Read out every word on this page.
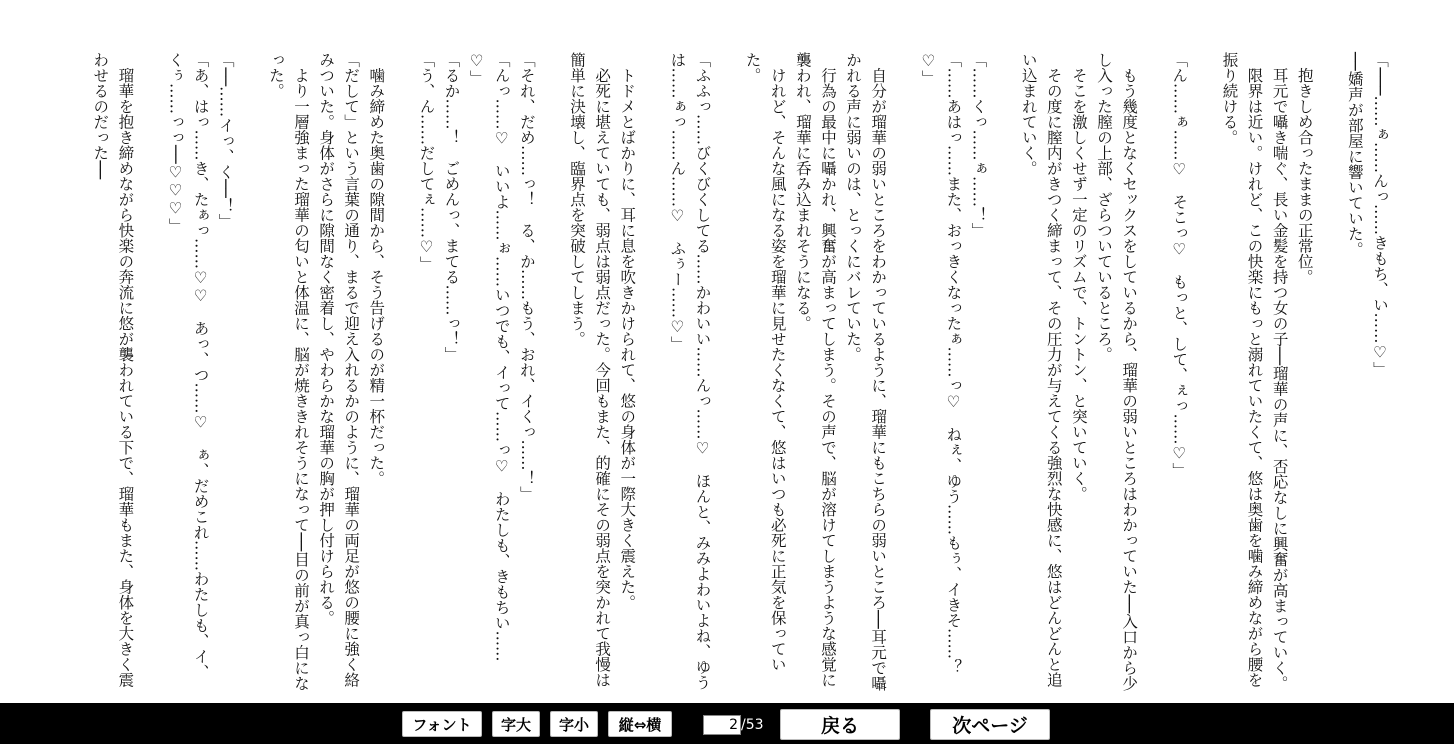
「───……ぁ……んっ……きもち、い……♡」
──嬌声が部屋に響いていた。

　抱きしめ合ったままの正常位。
　耳元で囁き喘ぐ、長い金髪を持つ女の子──瑠華の声に、否応なしに興奮が高まっていく。
　限界は近い。けれど、この快楽にもっと溺れていたくて、悠は奥歯を噛み締めながら腰を振り続ける。

「ん……ぁ……♡　そこっ♡　もっと、して、ぇっ……♡」

　もう幾度となくセックスをしているから、瑠華の弱いところはわかっていた──入口から少し入った膣の上部、ざらついているところ。
　そこを激しくせず一定のリズムで、トントン、と突いていく。
　その度に膣内がきつく締まって、その圧力が与えてくる強烈な快感に、悠はどんどんと追い込まれていく。

「……くっ……ぁ……！」
「……あはっ……また、おっきくなったぁ……っ♡　ねぇ、ゆう……もぅ、イきそ……？♡」

　自分が瑠華の弱いところをわかっているように、瑠華にもこちらの弱いところ──耳元で囁かれる声に弱いのは、とっくにバレていた。
　行為の最中に囁かれ、興奮が高まってしまう。その声で、脳が溶けてしまうような感覚に襲われ、瑠華に呑み込まれそうになる。
　けれど、そんな風になる姿を瑠華に見せたくなくて、悠はいつも必死に正気を保っていた。

「ふふっ……びくびくしてる……かわいい……んっ……♡　ほんと、みみよわいよね、ゆうは……ぁっ……ん……♡　ふぅー……♡」

　トドメとばかりに、耳に息を吹きかけられて、悠の身体が一際大きく震えた。
　必死に堪えていても、弱点は弱点だった。今回もまた、的確にその弱点を突かれて我慢は簡単に決壊し、臨界点を突破してしまう。

「それ、だめ……っ！　る、か……もう、おれ、イくっ……！」
「んっ……♡　いいよ……ぉ……いつでも、イって……っ♡　わたしも、きもちい……♡」
「るか……！　ごめんっ、まてる……っ！」
「う、ん……だしてぇ……♡」

　噛み締めた奥歯の隙間から、そう告げるのが精一杯だった。
「だして」という言葉の通り、まるで迎え入れるかのように、瑠華の両足が悠の腰に強く絡みついた。身体がさらに隙間なく密着し、やわらかな瑠華の胸が押し付けられる。
　より一層強まった瑠華の匂いと体温に、脳が焼ききれそうになって──目の前が真っ白になった。

「──……イっ、く──！」
「あ、はっ……き、たぁっ……♡♡　あっ、つ……♡　ぁ、だめこれ……わたしも、イ、くぅ……っっ──♡♡♡」

　瑠華を抱き締めながら快楽の奔流に悠が襲われている下で、瑠華もまた、身体を大きく震わせるのだった──
フォント	字大	字小	縦⇔横
2	/53	戻る	次ページ
